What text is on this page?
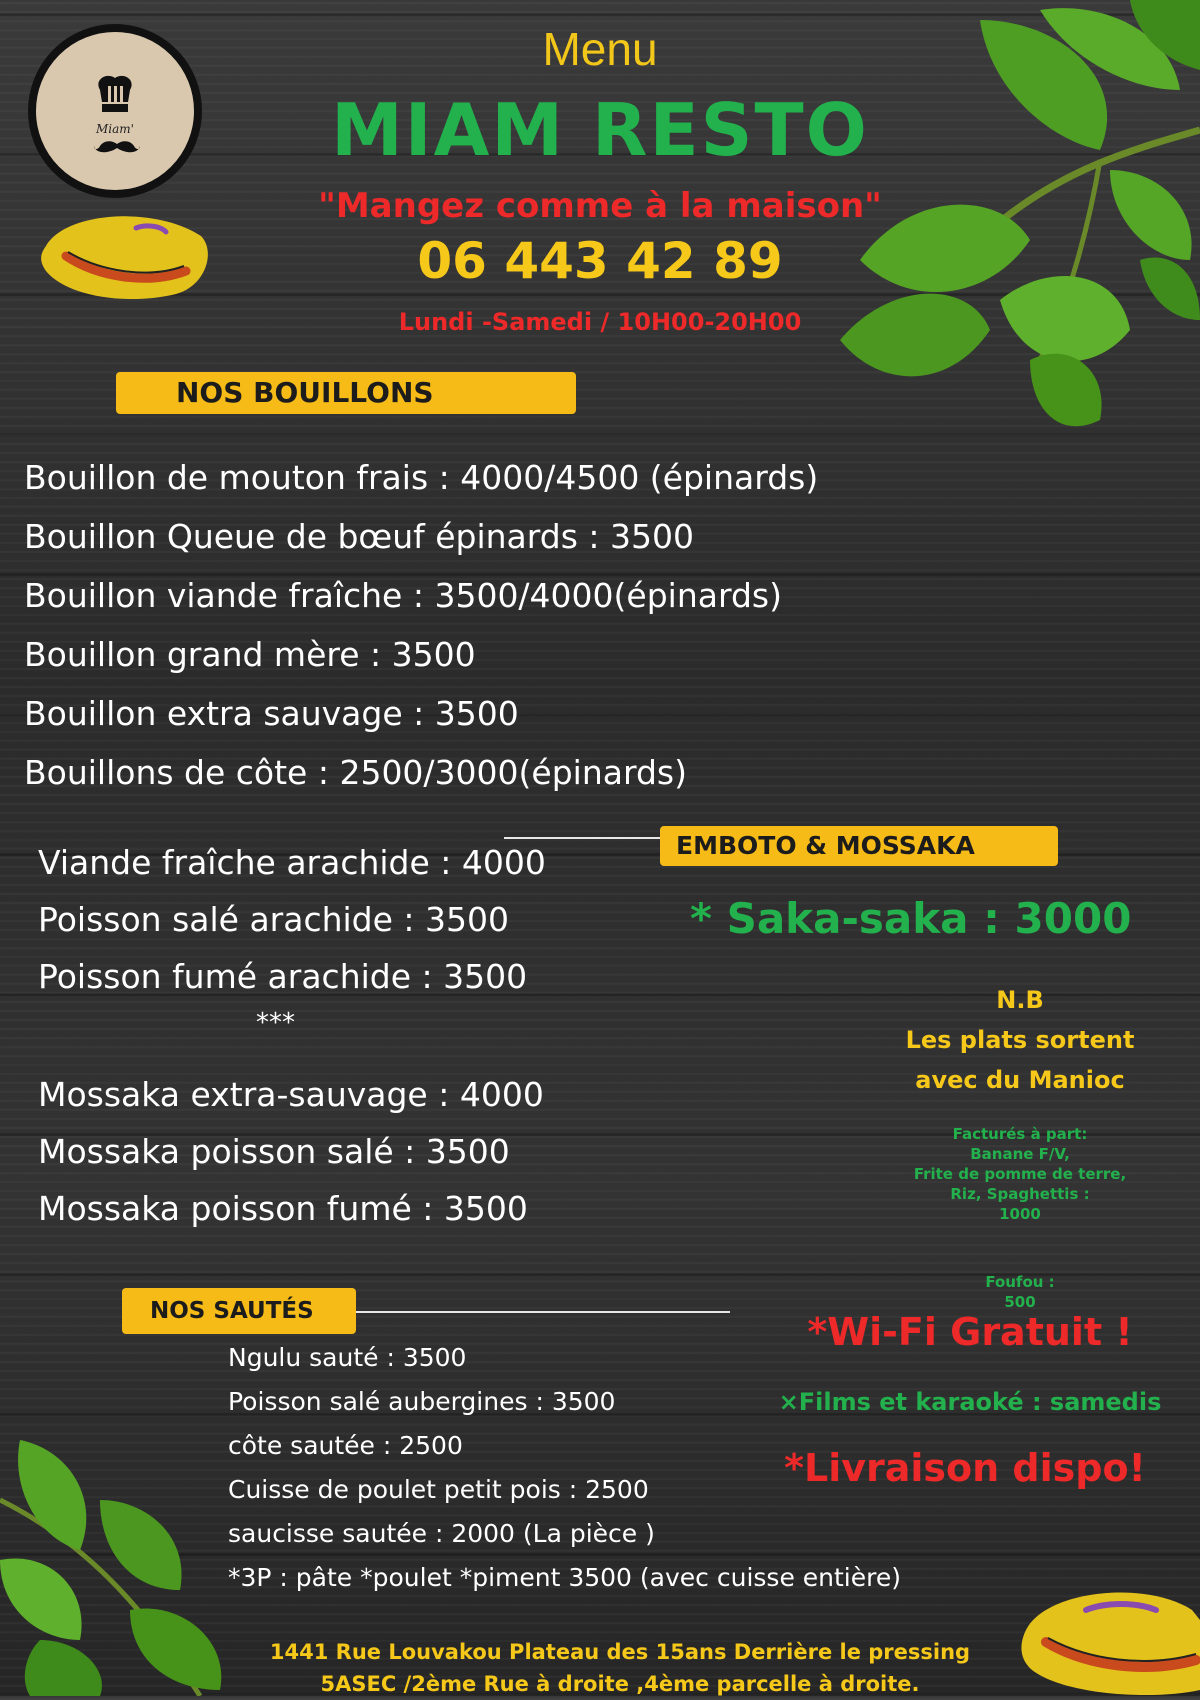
Miam'
Menu
MIAM RESTO
"Mangez comme à la maison"
06 443 42 89
Lundi -Samedi / 10H00-20H00
NOS BOUILLONS
Bouillon de mouton frais : 4000/4500 (épinards)
Bouillon Queue de bœuf épinards : 3500
Bouillon viande fraîche : 3500/4000(épinards)
Bouillon grand mère : 3500
Bouillon extra sauvage : 3500
Bouillons de côte : 2500/3000(épinards)
EMBOTO & MOSSAKA
Viande fraîche arachide : 4000
Poisson salé arachide : 3500
Poisson fumé arachide : 3500
***
Mossaka extra-sauvage : 4000
Mossaka poisson salé : 3500
Mossaka poisson fumé : 3500
* Saka-saka : 3000
N.B
Les plats sortent
avec du Manioc
Facturés à part:
Banane F/V,
Frite de pomme de terre,
Riz, Spaghettis :
1000
Foufou :
500
*Wi-Fi Gratuit !
×Films et karaoké : samedis
*Livraison dispo!
NOS SAUTÉS
Ngulu sauté : 3500
Poisson salé aubergines : 3500
côte sautée : 2500
Cuisse de poulet petit pois : 2500
saucisse sautée : 2000 (La pièce )
*3P : pâte *poulet *piment 3500 (avec cuisse entière)
1441 Rue Louvakou Plateau des 15ans Derrière le pressing
5ASEC /2ème Rue à droite ,4ème parcelle à droite.
